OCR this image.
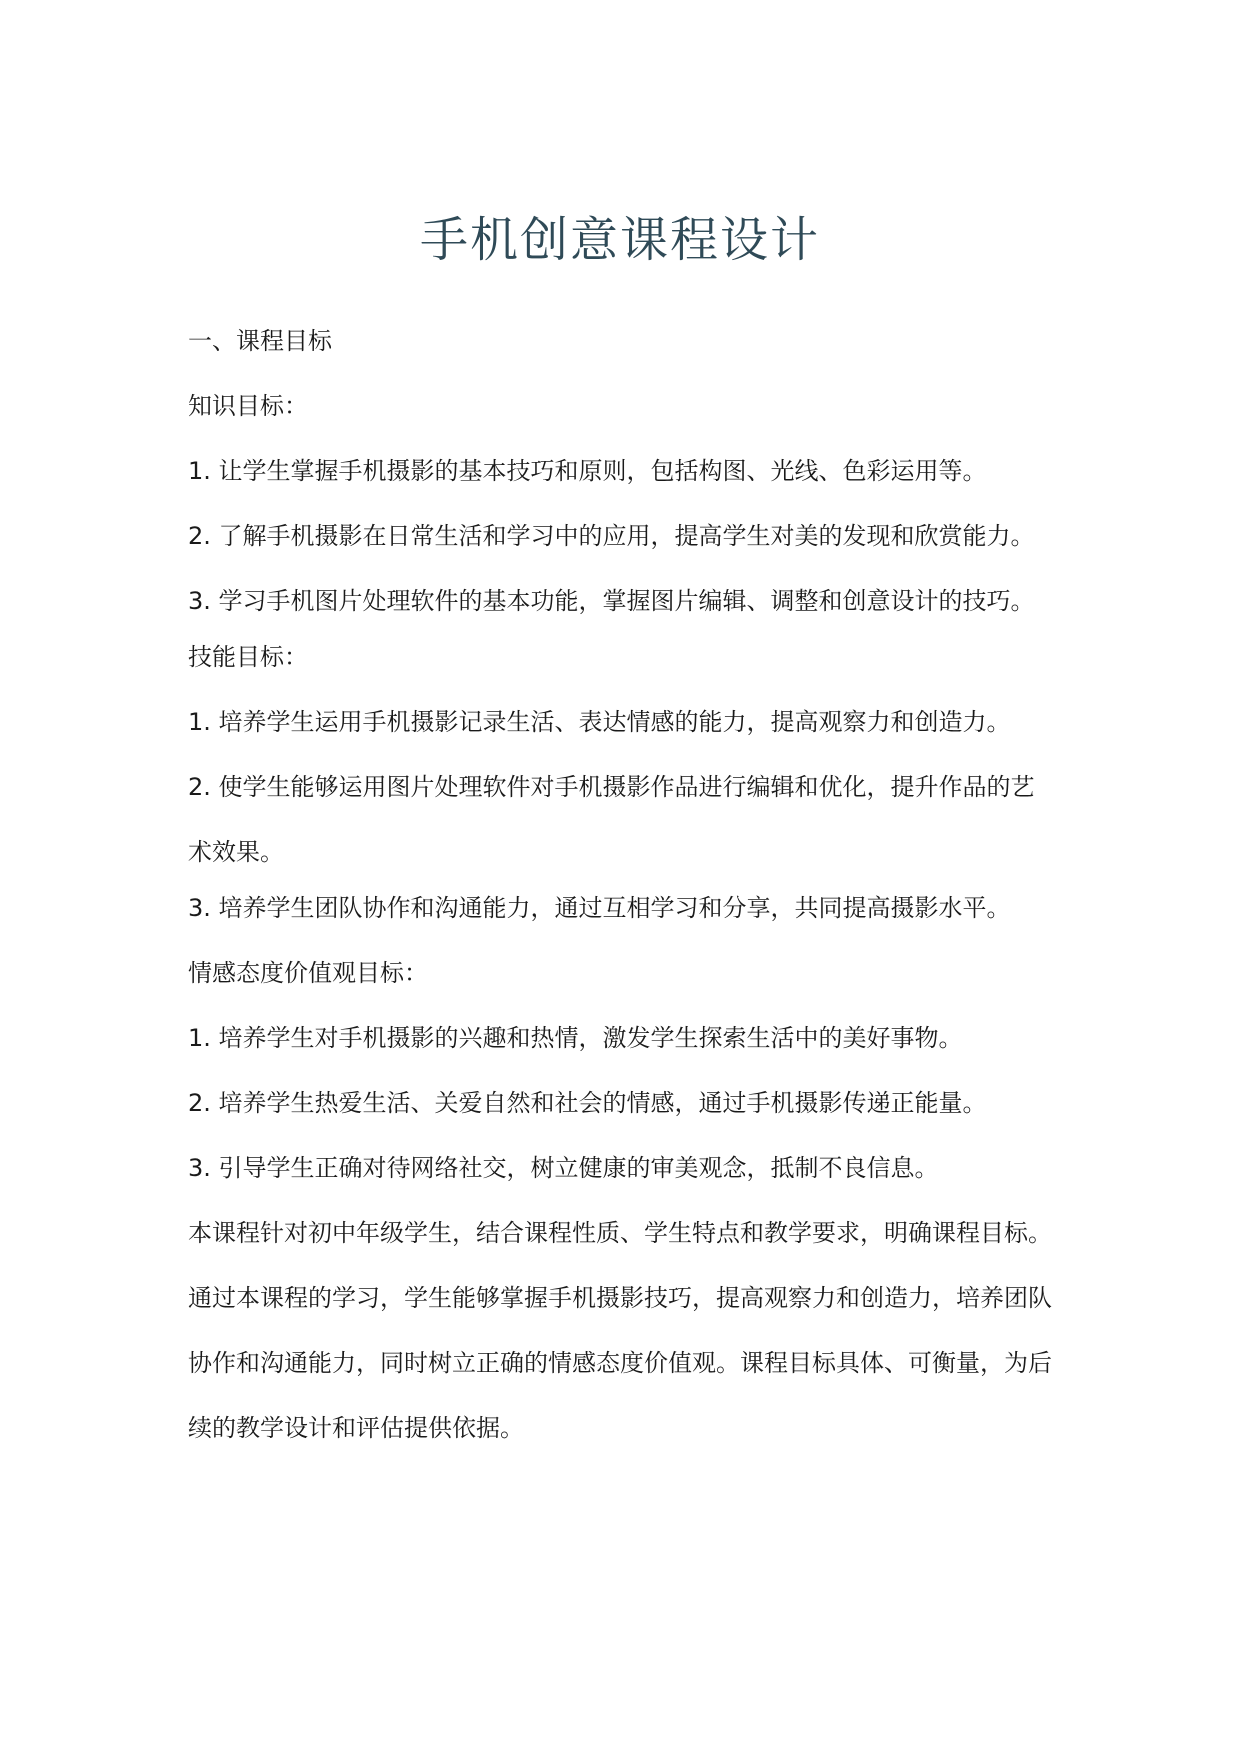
手机创意课程设计

一、课程目标

知识目标：

1. 让学生掌握手机摄影的基本技巧和原则，包括构图、光线、色彩运用等。

2. 了解手机摄影在日常生活和学习中的应用，提高学生对美的发现和欣赏能力。

3. 学习手机图片处理软件的基本功能，掌握图片编辑、调整和创意设计的技巧。

技能目标：

1. 培养学生运用手机摄影记录生活、表达情感的能力，提高观察力和创造力。

2. 使学生能够运用图片处理软件对手机摄影作品进行编辑和优化，提升作品的艺术效果。

3. 培养学生团队协作和沟通能力，通过互相学习和分享，共同提高摄影水平。

情感态度价值观目标：

1. 培养学生对手机摄影的兴趣和热情，激发学生探索生活中的美好事物。

2. 培养学生热爱生活、关爱自然和社会的情感，通过手机摄影传递正能量。

3. 引导学生正确对待网络社交，树立健康的审美观念，抵制不良信息。

本课程针对初中年级学生，结合课程性质、学生特点和教学要求，明确课程目标。通过本课程的学习，学生能够掌握手机摄影技巧，提高观察力和创造力，培养团队协作和沟通能力，同时树立正确的情感态度价值观。课程目标具体、可衡量，为后续的教学设计和评估提供依据。
